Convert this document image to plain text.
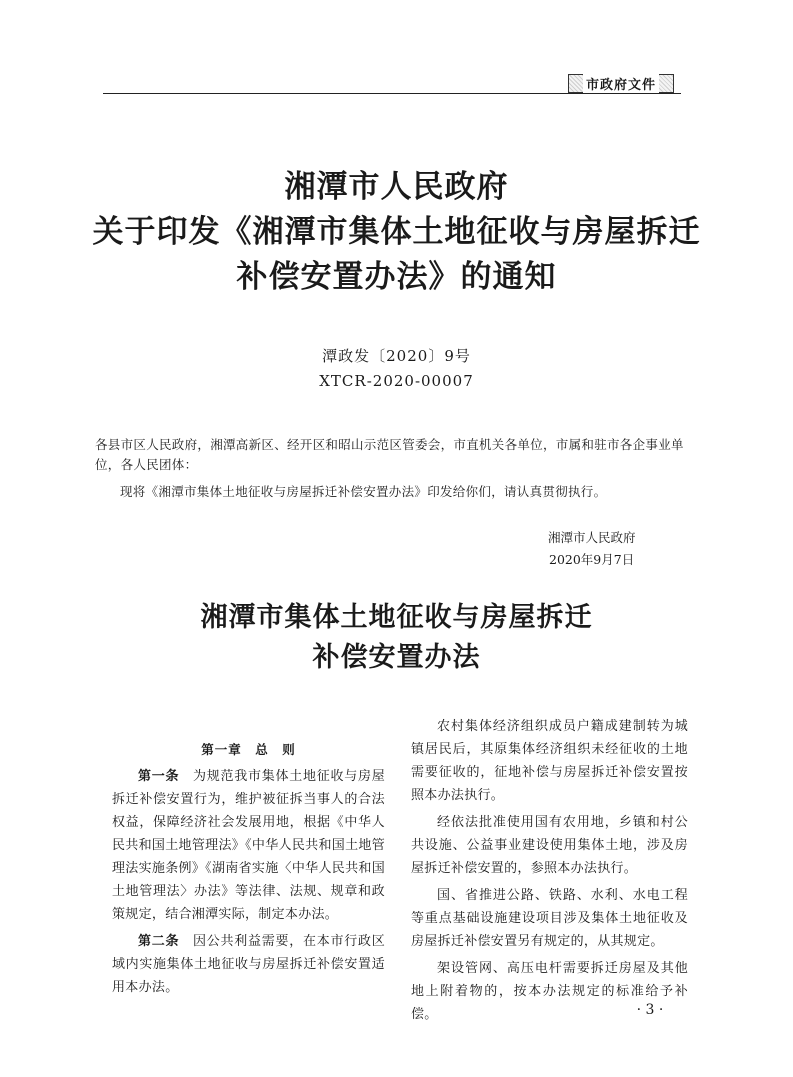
市政府文件
湘潭市人民政府
关于印发《湘潭市集体土地征收与房屋拆迁
补偿安置办法》的通知
潭政发〔2020〕9号
XTCR-2020-00007
各县市区人民政府，湘潭高新区、经开区和昭山示范区管委会，市直机关各单位，市属和驻市各企事业单位，各人民团体：
现将《湘潭市集体土地征收与房屋拆迁补偿安置办法》印发给你们，请认真贯彻执行。
湘潭市人民政府
2020年9月7日
湘潭市集体土地征收与房屋拆迁
补偿安置办法

第一章　总　则

第一条　 为规范我市集体土地征收与房屋拆迁补偿安置行为，维护被征拆当事人的合法权益，保障经济社会发展用地，根据《中华人民共和国土地管理法》《中华人民共和国土地管理法实施条例》《湖南省实施〈中华人民共和国土地管理法〉办法》等法律、法规、规章和政策规定，结合湘潭实际，制定本办法。

第二条　 因公共利益需要，在本市行政区域内实施集体土地征收与房屋拆迁补偿安置适用本办法。

农村集体经济组织成员户籍成建制转为城镇居民后，其原集体经济组织未经征收的土地需要征收的，征地补偿与房屋拆迁补偿安置按照本办法执行。

经依法批准使用国有农用地，乡镇和村公共设施、公益事业建设使用集体土地，涉及房屋拆迁补偿安置的，参照本办法执行。

国、省推进公路、铁路、水利、水电工程等重点基础设施建设项目涉及集体土地征收及房屋拆迁补偿安置另有规定的，从其规定。

架设管网、高压电杆需要拆迁房屋及其他地上附着物的，按本办法规定的标准给予补偿。	· 3 ·
